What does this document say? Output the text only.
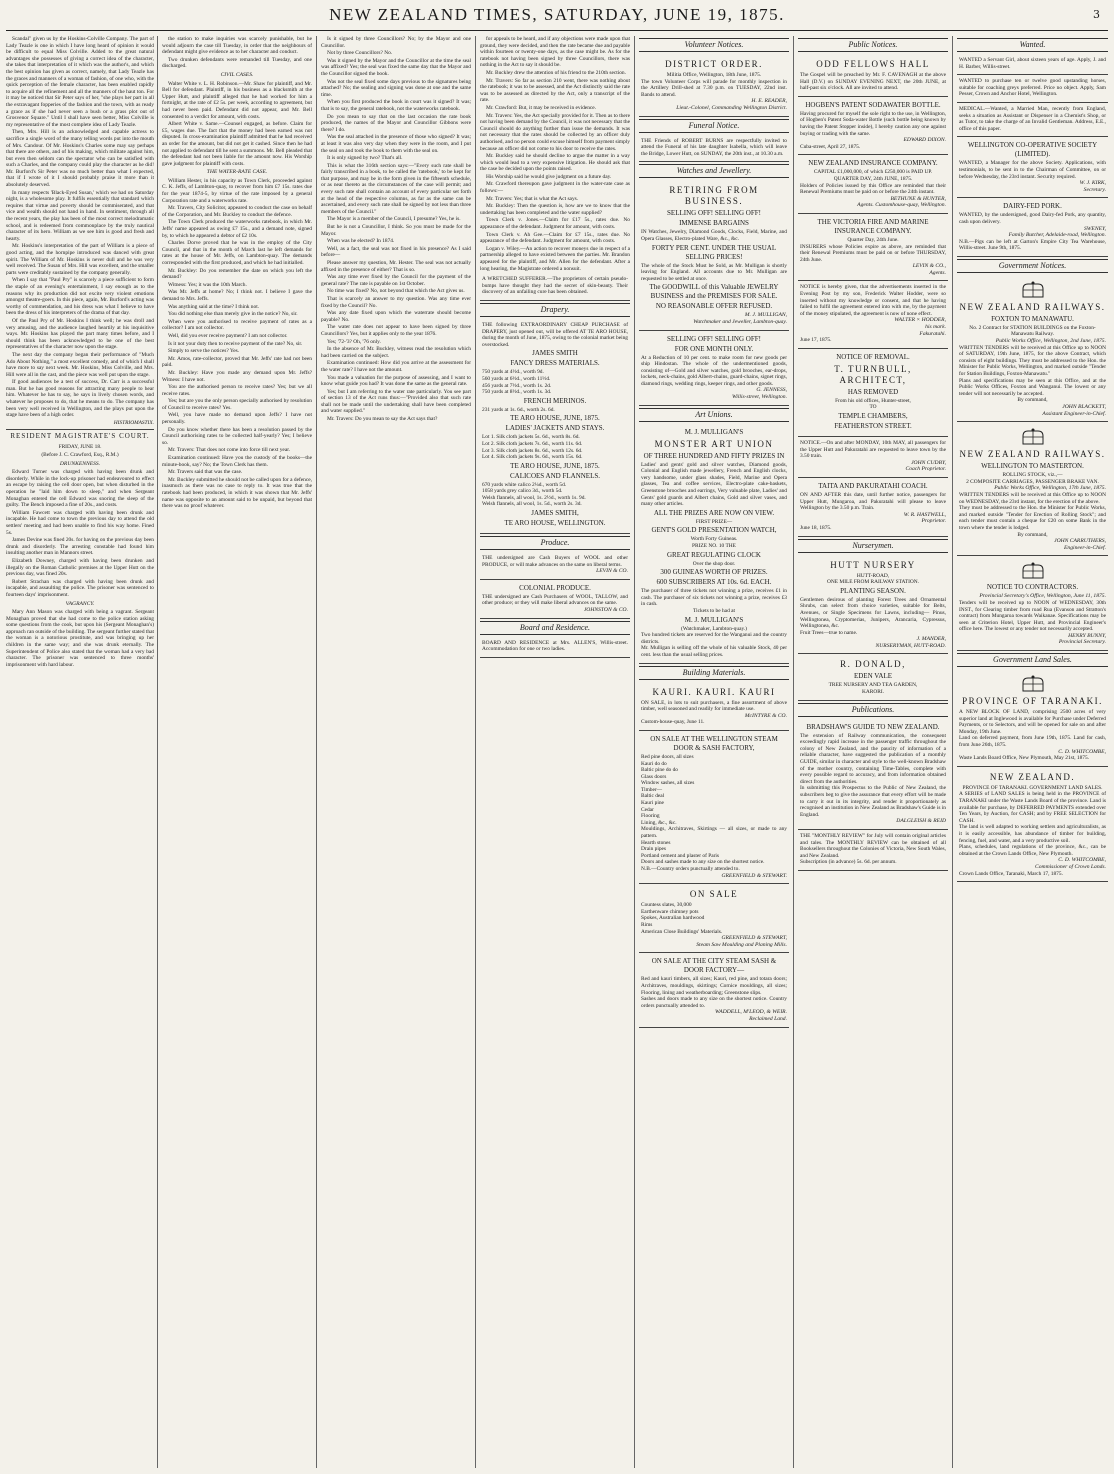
NEW ZEALAND TIMES, SATURDAY, JUNE 19, 1875.	3

Scandal" given us by the Hoskins-Colville Company. The part of Lady Teazle is one in which I have long heard of opinion it would be difficult to equal Miss Colville. Added to the great natural advantages she possesses of giving a correct idea of the character, she takes that interpretation of it which was the author's, and which the best opinion has given as correct, namely, that Lady Teazle has the graces and manners of a woman of fashion, of one who, with the quick perception of the female character, has been enabled rapidly to acquire all the refinement and all the manners of the haut ton. For it may be noticed that Sir Peter says of her, "she plays her part in all the extravagant fopperies of the fashion and the town, with as ready a grace as if she had never seen a bush or a grass plot out of Grosvenor Square." Until I shall have seen better, Miss Colville is my representative of the most complete idea of Lady Teazle.

Then, Mrs. Hill is an acknowledged and capable actress to sacrifice a single word of the many telling words put into the mouth of Mrs. Candour. Of Mr. Hoskins's Charles some may say perhaps that there are others, and of his making, which militate against him, but even then seldom can the spectator who can be satisfied with such a Charles, and the company could play the character as he did! Mr. Burford's Sir Peter was no much better than what I expected, that if I wrote of it I should probably praise it more than it absolutely deserved.

In many respects 'Black-Eyed Susan,' which we had on Saturday night, is a wholesome play. It fulfils essentially that standard which requires that virtue and poverty should be commiserated, and that vice and wealth should not hand in hand. In sentiment, through all the recent years, the play has been of the most correct melodramatic school, and is redeemed from commonplace by the truly nautical character of its hero. William as we see him is good and fresh and hearty.

Mr. Hoskins's interpretation of the part of William is a piece of good acting, and the hornpipe introduced was danced with great spirit. The William of Mr. Hoskins is never dull and he was very well received. The Susan of Mrs. Hill was excellent, and the smaller parts were creditably sustained by the company generally.

When I say that "Paul Pry" is scarcely a piece sufficient to form the staple of an evening's entertainment, I say enough as to the reasons why its production did not excite very violent emotions amongst theatre-goers. In this piece, again, Mr. Burford's acting was worthy of commendation, and his dress was what I believe to have been the dress of his interpreters of the drama of that day.

Of the Paul Pry of Mr. Hoskins I think well; he was droll and very amusing, and the audience laughed heartily at his inquisitive ways. Mr. Hoskins has played the part many times before, and I should think has been acknowledged to be one of the best representatives of the character now upon the stage.

The next day the company began their performance of "Much Ado About Nothing," a most excellent comedy, and of which I shall have more to say next week. Mr. Hoskins, Miss Colville, and Mrs. Hill were all in the cast, and the piece was well put upon the stage.

If good audiences be a test of success, Dr. Carr is a successful man. But he has good reasons for attracting many people to hear him. Whatever he has to say, he says in lively chosen words, and whatever he proposes to do, that he means to do. The company has been very well received in Wellington, and the plays put upon the stage have been of a high order.

HISTRIOMASTIX.

RESIDENT MAGISTRATE'S COURT.

FRIDAY, JUNE 18.

(Before J. C. Crawford, Esq., R.M.)

DRUNKENNESS.

Edward Turner was charged with having been drunk and disorderly. While in the lock-up prisoner had endeavoured to effect an escape by raising the cell door open, but when disturbed in the operation he "laid him down to sleep," and when Sergeant Monaghan entered the cell Edward was snoring the sleep of the guilty. The Bench imposed a fine of 20s., and costs.

William Fawcett was charged with having been drunk and incapable. He had come to town the previous day to attend the old settlers' meeting and had been unable to find his way home. Fined 5s.

James Devine was fined 20s. for having on the previous day been drunk and disorderly. The arresting constable had found him insulting another man in Mannors street.

Elizabeth Downey, charged with having been drunken and illegally on the Roman Catholic premises at the Upper Hutt on the previous day, was fined 20s.

Robert Strachan was charged with having been drunk and incapable, and assaulting the police. The prisoner was sentenced to fourteen days' imprisonment.

VAGRANCY.

Mary Ann Mason was charged with being a vagrant. Sergeant Monaghan proved that she had come to the police station asking some questions from the cook, but upon his (Sergeant Monaghan's) approach ran outside of the building. The sergeant further stated that the woman is a notorious prostitute, and was bringing up her children in the same way; and she was drunk eternally. The Superintendent of Police also stated that the woman had a very bad character. The prisoner was sentenced to three months' imprisonment with hard labour.

the station to make inquiries was scarcely punishable, but he would adjourn the case till Tuesday, in order that the neighbours of defendant might give evidence as to her character and conduct.

Two drunken defendants were remanded till Tuesday, and one discharged.

CIVIL CASES.

Walter White v. L. H. Robinson.—Mr. Shaw for plaintiff, and Mr. Bell for defendant. Plaintiff, in his business as a blacksmith at the Upper Hutt, and plaintiff alleged that he had worked for him a fortnight, at the rate of £2 5s. per week, according to agreement, but had never been paid. Defendant did not appear, and Mr. Bell consented to a verdict for amount, with costs.

Albert White v. Same.—Counsel engaged, as before. Claim for £5, wages due. The fact that the money had been earned was not disputed. In cross-examination plaintiff admitted that he had received an order for the amount, but did not get it cashed. Since then he had not applied to defendant till he sent a summons. Mr. Bell pleaded that the defendant had not been liable for the amount now. His Worship gave judgment for plaintiff with costs.

THE WATER-RATE CASE.

William Hester, in his capacity as Town Clerk, proceeded against C. K. Jeffs, of Lambton-quay, to recover from him £7 15s. rates due for the year 1874-5, by virtue of the rate imposed by a general Corporation rate and a waterworks rate.

Mr. Travers, City Solicitor, appeared to conduct the case on behalf of the Corporation, and Mr. Buckley to conduct the defence.

The Town Clerk produced the waterworks ratebook, in which Mr. Jeffs' name appeared as owing £7 15s., and a demand note, signed by, to which he appeared a debtor of £2 10s.

Charles Dorve proved that he was in the employ of the City Council, and that in the month of March last he left demands for rates at the house of Mr. Jeffs, on Lambton-quay. The demands corresponded with the first produced, and which he had initialled.

Mr. Buckley: Do you remember the date on which you left the demand?

Witness: Yes; it was the 10th March.

Was Mr. Jeffs at home? No; I think not. I believe I gave the demand to Mrs. Jeffs.

Was anything said at the time? I think not.

You did nothing else than merely give in the notice? No, sir.

When were you authorised to receive payment of rates as a collector? I am not collector.

Well, did you ever receive payment? I am not collector.

Is it not your duty then to receive payment of the rate? No, sir.

Simply to serve the notices? Yes.

Mr. Amos, rate-collector, proved that Mr. Jeffs' rate had not been paid.

Mr. Buckley: Have you made any demand upon Mr. Jeffs? Witness: I have not.

You are the authorised person to receive rates? Yes; but we all receive rates.

Yes; but are you the only person specially authorised by resolution of Council to receive rates? Yes.

Well, you have made no demand upon Jeffs? I have not personally.

Do you know whether there has been a resolution passed by the Council authorising rates to be collected half-yearly? Yes; I believe so.

Mr. Travers: That does not come into force till next year.

Examination continued: Have you the custody of the books—the minute-book, say? No; the Town Clerk has them.

Mr. Travers said that was the case.

Mr. Buckley submitted he should not be called upon for a defence, inasmuch as there was no case to reply to. It was true that the ratebook had been produced, in which it was shown that Mr. Jeffs' name was opposite to an amount said to be unpaid, but beyond that there was no proof whatever.

Is it signed by three Councillors? No; by the Mayor and one Councillor.

Not by three Councillors? No.

Was it signed by the Mayor and the Councillor at the time the seal was affixed? Yes; the seal was fixed the same day that the Mayor and the Councillor signed the book.

Was not the seal fixed some days previous to the signatures being attached? No; the sealing and signing was done at one and the same time.

When you first produced the book in court was it signed? It was; that is to say, the general ratebook, not the waterworks ratebook.

Do you mean to say that on the last occasion the rate book produced, the names of the Mayor and Councillor Gibbons were there? I do.

Was the seal attached in the presence of those who signed? It was; at least it was also very day when they were in the room, and I put the seal on and took the book to them with the seal on.

It is only signed by two? That's all.

This is what the 316th section says:—"Every such rate shall be fairly transcribed in a book, to be called the 'ratebook,' to be kept for that purpose, and may be in the form given in the fifteenth schedule, or as near thereto as the circumstances of the case will permit; and every such rate shall contain an account of every particular set forth at the head of the respective columns, as far as the same can be ascertained, and every such rate shall be signed by not less than three members of the Council."

The Mayor is a member of the Council, I presume? Yes, he is.

But he is not a Councillor, I think. So you must be made for the Mayor.

When was he elected? In 1874.

Well, as a fact, the seal was not fixed in his presence? As I said before—

Please answer my question, Mr. Hester. The seal was not actually affixed in the presence of either? That is so.

Was any time ever fixed by the Council for the payment of the general rate? The rate is payable on 1st October.

No time was fixed? No, not beyond that which the Act gives us.

That is scarcely an answer to my question. Was any time ever fixed by the Council? No.

Was any date fixed upon which the waterrate should become payable? No.

The water rate does not appear to have been signed by three Councillors? Yes, but it applies only to the year 1876.

Yes; '72-'3? Oh, '76 only.

In the absence of Mr. Buckley, witness read the resolution which had been carried on the subject.

Examination continued: How did you arrive at the assessment for the water rate? I have not the amount.

You made a valuation for the purpose of assessing, and I want to know what guide you had? It was done the same as the general rate.

Yes; but I am referring to the water rate particularly. You see part of section 13 of the Act runs thus:—"Provided also that such rate shall not be made until the undertaking shall have been completed and water supplied."

Mr. Travers: Do you mean to say the Act says that?

for appeals to be heard, and if any objections were made upon that ground, they were decided, and then the rate became due and payable within fourteen or twenty-one days, as the case might be. As for the ratebook not having been signed by three Councillors, there was nothing in the Act to say it should be.

Mr. Buckley drew the attention of his friend to the 210th section.

Mr. Travers: So far as section 210 went, there was nothing about the ratebook; it was to be assessed, and the Act distinctly said the rate was to be assessed as directed by the Act, only a transcript of the rate.

Mr. Crawford: But, it may be received in evidence.

Mr. Travers: Yes, the Act specially provided for it. Then as to there not having been demand by the Council, it was not necessary that the Council should do anything further than issue the demands. It was not necessary that the rates should be collected by an officer duly authorised, and no person could excuse himself from payment simply because an officer did not come to his door to receive the rates.

Mr. Buckley said he should decline to argue the matter in a way which would lead to a very expensive litigation. He should ask that the case be decided upon the points raised.

His Worship said he would give judgment on a future day.

Mr. Crawford thereupon gave judgment in the water-rate case as follows:—

Mr. Travers: Yes; that is what the Act says.

Mr. Buckley: Then the question is, how are we to know that the undertaking has been completed and the water supplied?

Town Clerk v. Jones.—Claim for £17 5s., rates due. No appearance of the defendant. Judgment for amount, with costs.

Town Clerk v. Ah Gee.—Claim for £7 15s., rates due. No appearance of the defendant. Judgment for amount, with costs.

Logan v. Wiley.—An action to recover moneys due in respect of a partnership alleged to have existed between the parties. Mr. Brandon appeared for the plaintiff, and Mr. Allen for the defendant. After a long hearing, the Magistrate ordered a nonsuit.

A WRETCHED SUFFERER.—The proprietors of certain pseudo-bumps have thought they had the secret of skin-beauty. Their discovery of an unfailing cure has been obtained.
Drapery.
THE following EXTRAORDINARY CHEAP PURCHASE of DRAPERY, just opened out, will be offered AT TE ARO HOUSE, during the month of June, 1875, owing to the colonial market being overstocked.
JAMES SMITH
FANCY DRESS MATERIALS.
750 yards at 4½d., worth 9d.
560 yards at 6½d., worth 11½d.
456 yards at 7½d., worth 1s. 2d.
750 yards at 8½d., worth 1s. 3d.
FRENCH MERINOS.
231 yards at 1s. 6d., worth 2s. 6d.
TE ARO HOUSE, JUNE, 1875.
LADIES' JACKETS AND STAYS.
Lot 1. Silk cloth jackets 5s. 6d., worth 8s. 6d.
Lot 2. Silk cloth jackets 7s. 6d., worth 11s. 6d.
Lot 3. Silk cloth jackets 8s. 6d., worth 12s. 6d.
Lot 4. Silk cloth jackets 9s. 6d., worth 15s. 6d.
TE ARO HOUSE, JUNE, 1875.
CALICOES AND FLANNELS.
670 yards white calico 2¼d., worth 5d.
1058 yards grey calico 3d., worth 5d.
Welsh flannels, all wool, 1s. 2½d., worth 1s. 9d.
Welsh flannels, all wool, 1s. 5d., worth 2s. 3d.
JAMES SMITH,
TE ARO HOUSE, WELLINGTON.
Produce.
THE undersigned are Cash Buyers of WOOL and other PRODUCE, or will make advances on the same on liberal terms.
LEVIN & CO.
COLONIAL PRODUCE.
THE undersigned are Cash Purchasers of WOOL, TALLOW, and other produce; or they will make liberal advances on the same.
JOHNSTON & CO.
Board and Residence.
BOARD AND RESIDENCE at Mrs. ALLEN'S, Willis-street. Accommodation for one or two ladies.
Volunteer Notices.
DISTRICT ORDER.
Militia Office, Wellington, 18th June, 1875.
The town Volunteer Corps will parade for monthly inspection in the Artillery Drill-shed at 7.30 p.m. on TUESDAY, 22nd inst. Bands to attend.
H. E. READER,
Lieut.-Colonel, Commanding Wellington District.
Funeral Notice.
THE Friends of ROBERT BURNS are respectfully invited to attend the Funeral of his late daughter Isabella, which will leave the Bridge, Lower Hutt, on SUNDAY, the 20th inst., at 10.30 a.m.
Watches and Jewellery.
RETIRING FROM BUSINESS.
SELLING OFF! SELLING OFF!
IMMENSE BARGAINS
IN Watches, Jewelry, Diamond Goods, Clocks, Field, Marine, and Opera Glasses, Electro-plated Ware, &c., &c.
FORTY PER CENT. UNDER THE USUAL SELLING PRICES!
The whole of the Stock Must be Sold, as Mr. Mulligan is shortly leaving for England. All accounts due to Mr. Mulligan are requested to be settled at once.
The GOODWILL of this Valuable JEWELRY BUSINESS and the PREMISES FOR SALE.
NO REASONABLE OFFER REFUSED.
M. J. MULLIGAN,
Watchmaker and Jeweller, Lambton-quay.
SELLING OFF! SELLING OFF!
FOR ONE MONTH ONLY.
At a Reduction of 10 per cent. to make room for new goods per ship Hindostan. The whole of the undermentioned goods, consisting of—Gold and silver watches, gold brooches, ear-drops, lockets, neck-chains, gold Albert-chains, guard-chains, signet rings, diamond rings, wedding rings, keeper rings, and other goods.
G. JENNESS,
Willis-street, Wellington.
Art Unions.
M. J. MULLIGAN'S
MONSTER ART UNION
OF THREE HUNDRED AND FIFTY PRIZES IN
Ladies' and gents' gold and silver watches, Diamond goods, Colonial and English made jewellery, French and English clocks, very handsome, under glass shades, Field, Marine and Opera glasses, Tea and coffee services, Electro-plate cake-baskets, Greenstone brooches and earrings, Very valuable plate, Ladies' and Gents' gold guards and Albert chains, Gold and silver vases, and many other articles.
ALL THE PRIZES ARE NOW ON VIEW.
FIRST PRIZE—
GENT'S GOLD PRESENTATION WATCH,
Worth Forty Guineas.
PRIZE NO. 10 THE
GREAT REGULATING CLOCK
Over the shop door.
300 GUINEAS WORTH OF PRIZES.
600 SUBSCRIBERS AT 10s. 6d. EACH.
The purchaser of three tickets not winning a prize, receives £1 in cash. The purchaser of six tickets not winning a prize, receives £3 in cash.
Tickets to be had at
M. J. MULLIGAN'S
(Watchmaker, Lambton-quay.)
Two hundred tickets are reserved for the Wanganui and the country districts.
Mr. Mulligan is selling off the whole of his valuable Stock, 40 per cent. less than the usual selling prices.
Building Materials.
KAURI. KAURI. KAURI
ON SALE, in lots to suit purchasers, a fine assortment of above timber, well seasoned and readily for immediate use.
McINTYRE & CO.
Custom-house-quay, June 11.
ON SALE AT THE WELLINGTON STEAM DOOR & SASH FACTORY,
Red pine doors, all sizes
Kauri do do
Baltic pine do do
Glass doors
Window sashes, all sizes
Timber—
Baltic deal
Kauri pine
Cedar
Flooring
Lining, &c., &c.
Mouldings, Architraves, Skirtings — all sizes, or made to any pattern.
Hearth stones
Drain pipes
Portland cement and plaster of Paris
Doors and sashes made to any size on the shortest notice.
N.B.—Country orders punctually attended to.
GREENFIELD & STEWART.
ON SALE
Countess slates, 30,000
Earthenware chimney pots
Spokes, Australian hardwood
Rims
American Close Buildings' Materials.
GREENFIELD & STEWART,
Steam Saw Moulding and Planing Mills.
ON SALE AT THE CITY STEAM SASH & DOOR FACTORY—
Red and kauri timbers, all sizes; Kauri, red pine, and totara doors; Architraves, mouldings, skirtings; Cornice mouldings, all sizes; Flooring, lining and weatherboarding; Greenstone slips.
Sashes and doors made to any size on the shortest notice. Country orders punctually attended to.
WADDELL, M'LEOD, & WEIR.
Reclaimed Land.
Public Notices.
ODD FELLOWS HALL
The Gospel will be preached by Mr. F. CAVENAGH at the above Hall (D.V.) on SUNDAY EVENING NEXT, the 20th JUNE, at half-past six o'clock. All are invited to attend.
HOGBEN'S PATENT SODAWATER BOTTLE.
Having procured for myself the sole right to the use, in Wellington, of Hogben's Patent Soda-water Bottle (such bottle being known by having the Patent Stopper inside), I hereby caution any one against buying or trading with the same.
EDWARD DIXON.
Cuba-street, April 27, 1875.
NEW ZEALAND INSURANCE COMPANY.
CAPITAL £1,000,000, of which £250,000 is PAID UP.
QUARTER DAY, 24th JUNE, 1875.
Holders of Policies issued by this Office are reminded that their Renewal Premiums must be paid on or before the 24th instant.
BETHUNE & HUNTER,
Agents. Customhouse-quay, Wellington.
THE VICTORIA FIRE AND MARINE INSURANCE COMPANY.
Quarter Day, 24th June.
INSURERS whose Policies expire as above, are reminded that their Renewal Premiums must be paid on or before THURSDAY, 24th June.
LEVIN & CO.,
Agents.
NOTICE is hereby given, that the advertisements inserted in the Evening Post by my son, Frederick Walter Hodder, were so inserted without my knowledge or consent, and that he having failed to fulfil the agreement entered into with me, by the payment of the money stipulated, the agreement is now of none effect.
WALTER × HODDER,
his mark.
Fakuratahi.
June 17, 1875.
NOTICE OF REMOVAL.
T. TURNBULL, ARCHITECT,
HAS REMOVED
From his old offices, Hunter-street,
TO
TEMPLE CHAMBERS,
FEATHERSTON STREET.
NOTICE.—On and after MONDAY, 10th MAY, all passengers for the Upper Hutt and Pakuratahi are requested to leave town by the 3.50 train.
JOHN CUDBY,
Coach Proprietor.
TAITA AND PAKURATAHI COACH.
ON AND AFTER this date, until further notice, passengers for Upper Hutt, Mungaroa, and Pakuratahi will please to leave Wellington by the 3.50 p.m. Train.
W. R. HASTWELL,
Proprietor.
June 18, 1875.
Nurserymen.
HUTT NURSERY
HUTT-ROAD,
ONE MILE FROM RAILWAY STATION.
PLANTING SEASON.
Gentlemen desirous of planting Forest Trees and Ornamental Shrubs, can select from choice varieties, suitable for Belts, Avenues, or Single Specimens for Lawns, including— Pinus, Wellingtonea, Cryptomerias, Junipers, Arancaria, Cypressus, Wellingtonea, &c.
Fruit Trees—true to name.
J. MANDER,
NURSERYMAN, HUTT-ROAD.
R. DONALD,
EDEN VALE
TREE NURSERY AND TEA GARDEN,
KARORI.
Publications.
BRADSHAW'S GUIDE TO NEW ZEALAND.
The extension of Railway communication, the consequent exceedingly rapid increase in the passenger traffic throughout the colony of New Zealand, and the paucity of information of a reliable character, have suggested the publication of a monthly GUIDE, similar in character and style to the well-known Bradshaw of the mother country, containing Time-Tables, complete with every possible regard to accuracy, and from information obtained direct from the authorities.
In submitting this Prospectus to the Public of New Zealand, the subscribers beg to give the assurance that every effort will be made to carry it out in its integrity, and render it proportionately as recognised an institution in New Zealand as Bradshaw's Guide is in England.
DALGLEISH & REID
THE "MONTHLY REVIEW" for July will contain original articles and tales. The MONTHLY REVIEW can be obtained of all Booksellers throughout the Colonies of Victoria, New South Wales, and New Zealand.
Subscription (in advance) 5s. 6d. per annum.
Wanted.
WANTED a Servant Girl, about sixteen years of age. Apply, J. and H. Barber, Willis-street.
WANTED to purchase ten or twelve good upstanding horses, suitable for coaching greys preferred. Price no object. Apply, Sam Pesser, Crown and Anchor Hotel, Wellington.
MEDICAL.—Wanted, a Married Man, recently from England, seeks a situation as Assistant or Dispenser in a Chemist's Shop, or as Tutor, to take the charge of an Invalid Gentleman. Address, E.E., office of this paper.
WELLINGTON CO-OPERATIVE SOCIETY (LIMITED).
WANTED, a Manager for the above Society. Applications, with testimonials, to be sent in to the Chairman of Committee, on or before Wednesday, the 23rd instant. Security required.
W. J. KIRK,
Secretary.
DAIRY-FED PORK.
WANTED, by the undersigned, good Dairy-fed Pork, any quantity, cash upon delivery.
SWENEY,
Family Butcher, Adelaide-road, Wellington.
N.B.—Pigs can be left at Garton's Empire City Tea Warehouse, Willis-street. June 9th, 1875.
Government Notices.
NEW ZEALAND RAILWAYS.
FOXTON TO MANAWATU.
No. 2 Contract for STATION BUILDINGS on the Foxton-Manawatu Railway.
Public Works Office, Wellington, 2nd June, 1875.
WRITTEN TENDERS will be received at this Office up to NOON of SATURDAY, 19th June, 1875, for the above Contract, which consists of eight buildings. They must be addressed to the Hon. the Minister for Public Works, Wellington, and marked outside "Tender for Station Buildings, Foxton-Manawatu."
Plans and specifications may be seen at this Office, and at the Public Works Offices, Foxton and Wanganui. The lowest or any tender will not necessarily be accepted.
By command,
JOHN BLACKETT,
Assistant Engineer-in-Chief.
NEW ZEALAND RAILWAYS.
WELLINGTON TO MASTERTON.
ROLLING STOCK, viz.,—
2 COMPOSITE CARRIAGES, PASSENGER BRAKE VAN.
Public Works Office, Wellington, 17th June, 1875.
WRITTEN TENDERS will be received at this Office up to NOON on WEDNESDAY, the 23rd instant, for the erection of the above.
They must be addressed to the Hon. the Minister for Public Works, and marked outside "Tender for Erection of Rolling Stock"; and each tender must contain a cheque for £20 on some Bank in the town where the tender is lodged.
By command,
JOHN CARRUTHERS,
Engineer-in-Chief.
NOTICE TO CONTRACTORS.
Provincial Secretary's Office, Wellington, June 11, 1875.
Tenders will be received up to NOON of WEDNESDAY, 30th INST., for Clearing timber from road Rua (Evanson and Stratton's contract) from Mungaroa towards Waikanae. Specifications may be seen at Criterion Hotel, Upper Hutt, and Provincial Engineer's office here. The lowest or any tender not necessarily accepted.
HENRY BUNNY,
Provincial Secretary.
Government Land Sales.
PROVINCE OF TARANAKI.
A NEW BLOCK OF LAND, comprising 2500 acres of very superior land at Inglewood is available for Purchase under Deferred Payments, or to Selectors, and will be opened for sale on and after Monday, 19th June.
Land on deferred payment, from June 19th, 1875. Land for cash, from June 26th, 1875.
C. D. WHITCOMBE,
Waste Lands Board Office, New Plymouth, May 21st, 1875.
NEW ZEALAND.
PROVINCE OF TARANAKI. GOVERNMENT LAND SALES.
A SERIES of LAND SALES is being held in the PROVINCE of TARANAKI under the Waste Lands Board of the province. Land is available for purchase, by DEFERRED PAYMENTS extended over Ten Years, by Auction, for CASH; and by FREE SELECTION for CASH.
The land is well adapted to working settlers and agriculturalists, as it is easily accessible, has abundance of timber for building, fencing, fuel, and water, and a very productive soil.
Plans, schedules, land regulations of the province, &c., can be obtained at the Crown Lands Office, New Plymouth.
C. D. WHITCOMBE,
Commissioner of Crown Lands.
Crown Lands Office, Taranaki, March 17, 1875.
